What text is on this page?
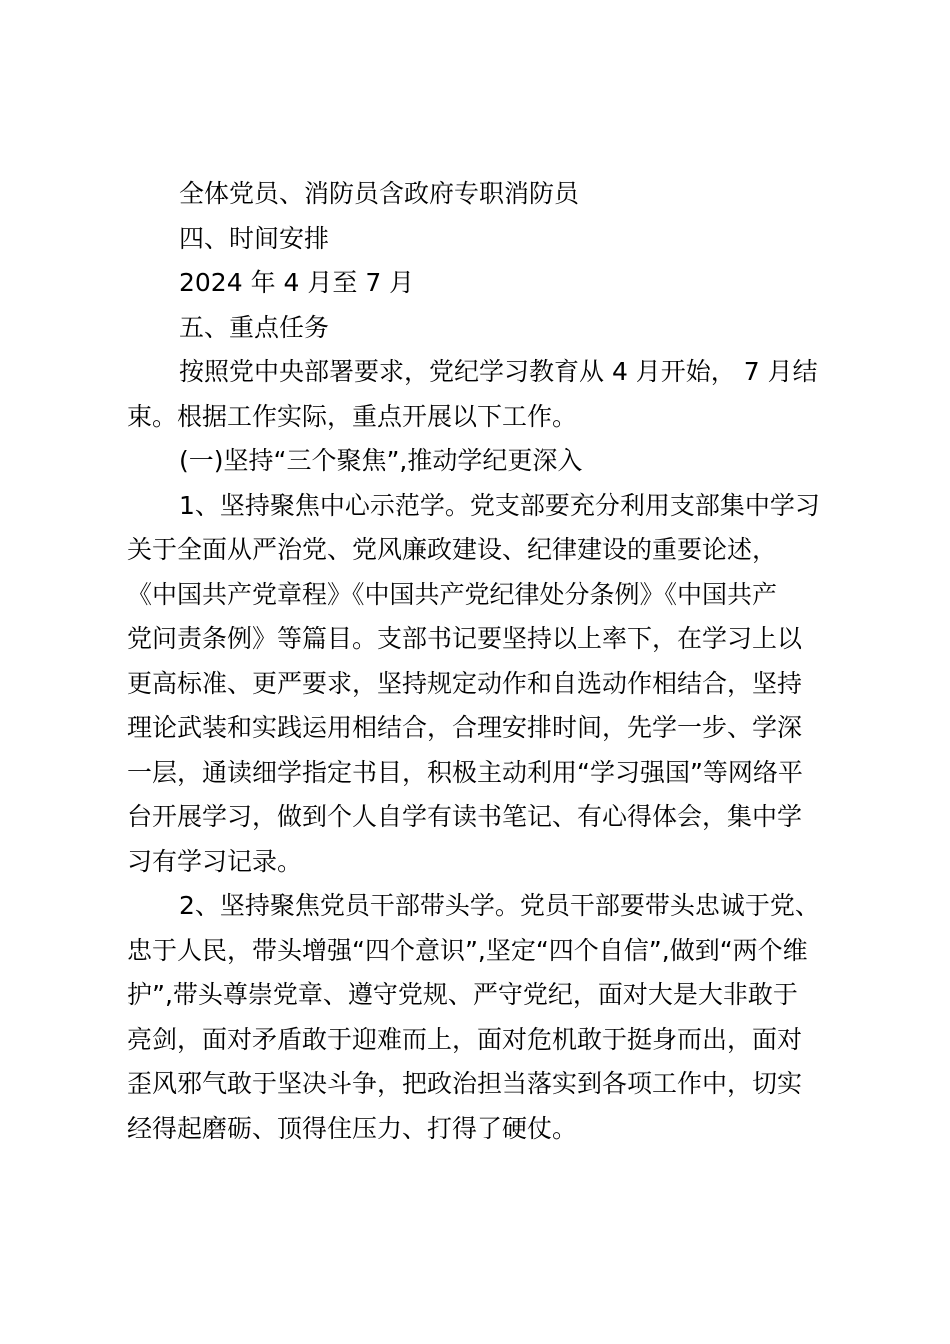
全体党员、消防员含政府专职消防员
四、时间安排
2024 年 4 月至 7 月
五、重点任务
按照党中央部署要求，党纪学习教育从 4 月开始， 7 月结
束。根据工作实际，重点开展以下工作。
(一)坚持“三个聚焦”,推动学纪更深入
1、坚持聚焦中心示范学。党支部要充分利用支部集中学习
关于全面从严治党、党风廉政建设、纪律建设的重要论述，
《中国共产党章程》《中国共产党纪律处分条例》《中国共产
党问责条例》等篇目。支部书记要坚持以上率下，在学习上以
更高标准、更严要求，坚持规定动作和自选动作相结合，坚持
理论武装和实践运用相结合，合理安排时间，先学一步、学深
一层，通读细学指定书目，积极主动利用“学习强国”等网络平
台开展学习，做到个人自学有读书笔记、有心得体会，集中学
习有学习记录。
2、坚持聚焦党员干部带头学。党员干部要带头忠诚于党、
忠于人民，带头增强“四个意识”,坚定“四个自信”,做到“两个维
护”,带头尊崇党章、遵守党规、严守党纪，面对大是大非敢于
亮剑，面对矛盾敢于迎难而上，面对危机敢于挺身而出，面对
歪风邪气敢于坚决斗争，把政治担当落实到各项工作中，切实
经得起磨砺、顶得住压力、打得了硬仗。
